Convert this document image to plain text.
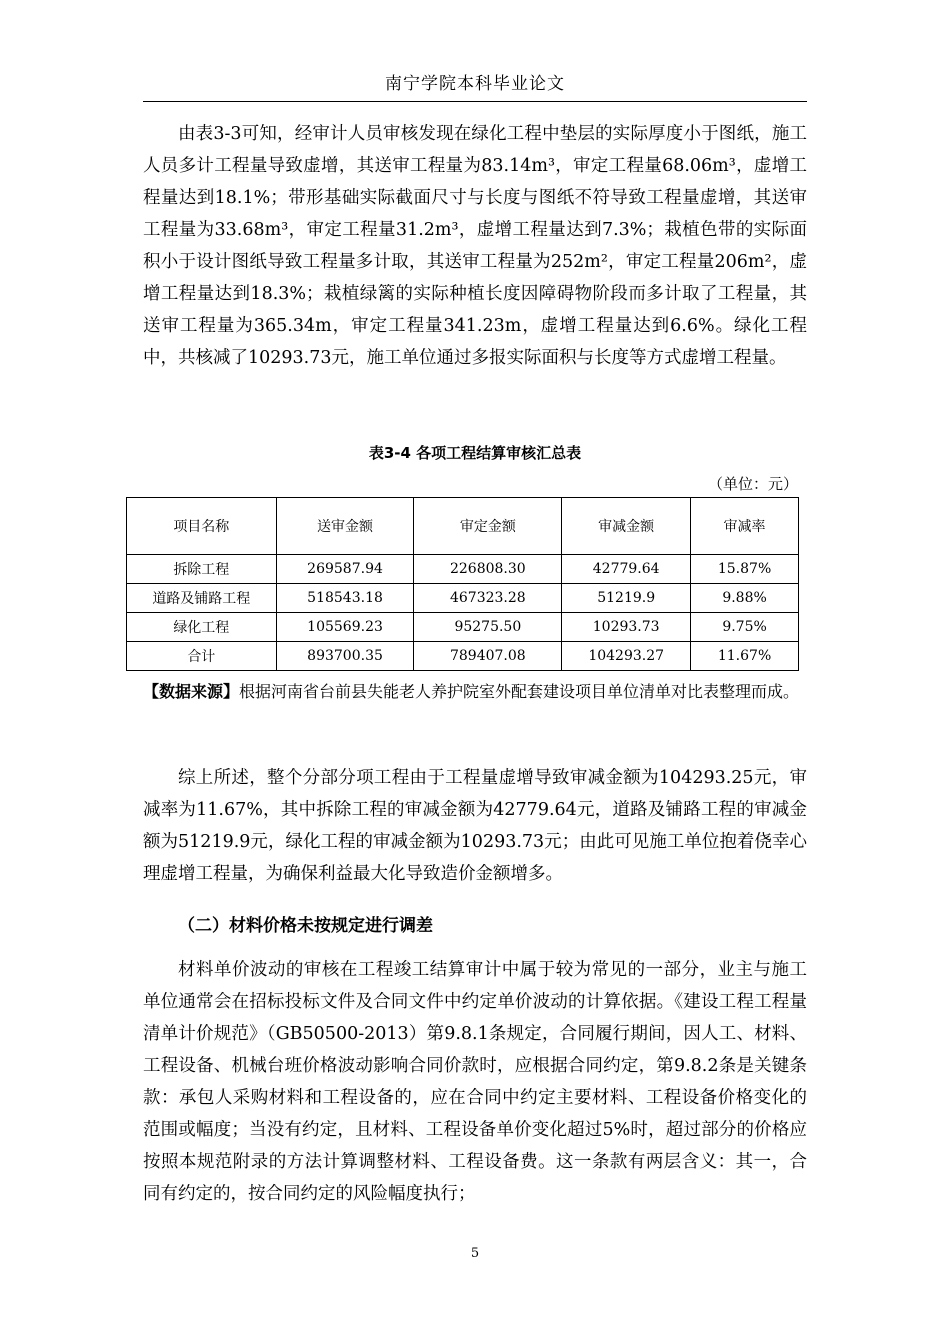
南宁学院本科毕业论文

由表3-3可知，经审计人员审核发现在绿化工程中垫层的实际厚度小于图纸，施工人员多计工程量导致虚增，其送审工程量为83.14m³，审定工程量68.06m³，虚增工程量达到18.1%；带形基础实际截面尺寸与长度与图纸不符导致工程量虚增，其送审工程量为33.68m³，审定工程量31.2m³，虚增工程量达到7.3%；栽植色带的实际面积小于设计图纸导致工程量多计取，其送审工程量为252m²，审定工程量206m²，虚增工程量达到18.3%；栽植绿篱的实际种植长度因障碍物阶段而多计取了工程量，其送审工程量为365.34m，审定工程量341.23m，虚增工程量达到6.6%。绿化工程中，共核减了10293.73元，施工单位通过多报实际面积与长度等方式虚增工程量。

表3-4 各项工程结算审核汇总表
（单位：元）
项目名称	送审金额	审定金额	审减金额	审减率
拆除工程	269587.94	226808.30	42779.64	15.87%
道路及铺路工程	518543.18	467323.28	51219.9	9.88%
绿化工程	105569.23	95275.50	10293.73	9.75%
合计	893700.35	789407.08	104293.27	11.67%

【数据来源】根据河南省台前县失能老人养护院室外配套建设项目单位清单对比表整理而成。

综上所述，整个分部分项工程由于工程量虚增导致审减金额为104293.25元，审减率为11.67%，其中拆除工程的审减金额为42779.64元，道路及铺路工程的审减金额为51219.9元，绿化工程的审减金额为10293.73元；由此可见施工单位抱着侥幸心理虚增工程量，为确保利益最大化导致造价金额增多。

（二）材料价格未按规定进行调差

材料单价波动的审核在工程竣工结算审计中属于较为常见的一部分，业主与施工单位通常会在招标投标文件及合同文件中约定单价波动的计算依据。《建设工程工程量清单计价规范》（GB50500-2013）第9.8.1条规定，合同履行期间，因人工、材料、工程设备、机械台班价格波动影响合同价款时，应根据合同约定，第9.8.2条是关键条款：承包人采购材料和工程设备的，应在合同中约定主要材料、工程设备价格变化的范围或幅度；当没有约定，且材料、工程设备单价变化超过5%时，超过部分的价格应按照本规范附录的方法计算调整材料、工程设备费。这一条款有两层含义：其一，合同有约定的，按合同约定的风险幅度执行；

5
